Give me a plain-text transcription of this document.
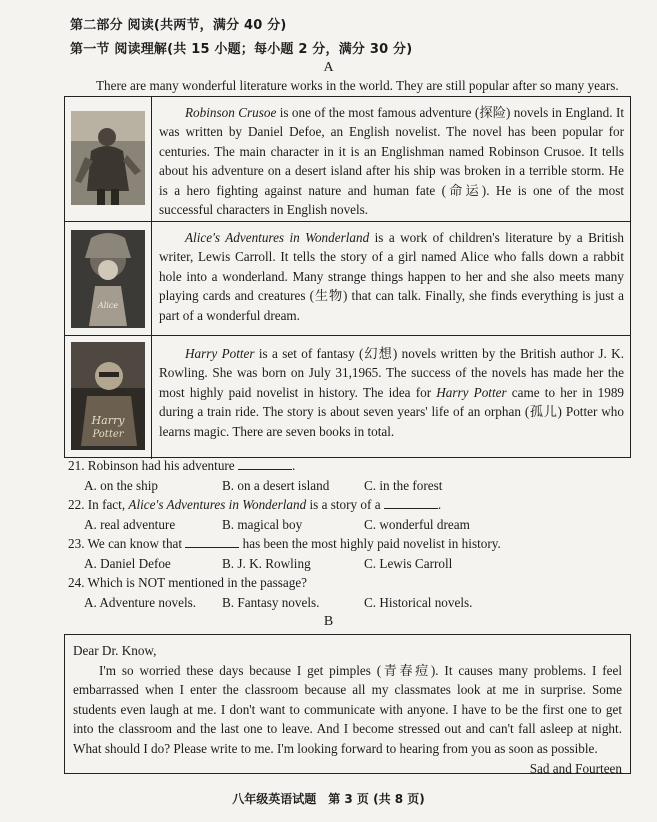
第二部分 阅读(共两节，满分 40 分)
第一节 阅读理解(共 15 小题；每小题 2 分，满分 30 分)
A
There are many wonderful literature works in the world. They are still popular after so many years.

Robinson Crusoe is one of the most famous adventure (探险) novels in England. It was written by Daniel Defoe, an English novelist. The novel has been popular for centuries. The main character in it is an Englishman named Robinson Crusoe. It tells about his adventure on a desert island after his ship was broken in a terrible storm. He is a hero fighting against nature and human fate (命运). He is one of the most successful characters in English novels.

Alice

Alice's Adventures in Wonderland is a work of children's literature by a British writer, Lewis Carroll. It tells the story of a girl named Alice who falls down a rabbit hole into a wonderland. Many strange things happen to her and she also meets many playing cards and creatures (生物) that can talk. Finally, she finds everything is just a part of a wonderful dream.

Harry
Potter

Harry Potter is a set of fantasy (幻想) novels written by the British author J. K. Rowling. She was born on July 31,1965. The success of the novels has made her the most highly paid novelist in history. The idea for Harry Potter came to her in 1989 during a train ride. The story is about seven years' life of an orphan (孤儿) Potter who learns magic. There are seven books in total.

21. Robinson had his adventure	.
A. on the ship	B. on a desert island	C. in the forest
22. In fact, Alice's Adventures in Wonderland is a story of a	.
A. real adventure	B. magical boy	C. wonderful dream
23. We can know that	has been the most highly paid novelist in history.
A. Daniel Defoe	B. J. K. Rowling	C. Lewis Carroll
24. Which is NOT mentioned in the passage?
A. Adventure novels. B. Fantasy novels.	C. Historical novels.
B

Dear Dr. Know,

I'm so worried these days because I get pimples (青春痘). It causes many problems. I feel embarrassed when I enter the classroom because all my classmates look at me in surprise. Some students even laugh at me. I don't want to communicate with anyone. I have to be the first one to get into the classroom and the last one to leave. And I become stressed out and can't fall asleep at night. What should I do? Please write to me. I'm looking forward to hearing from you as soon as possible.

Sad and Fourteen

八年级英语试题　第 3 页 (共 8 页)
